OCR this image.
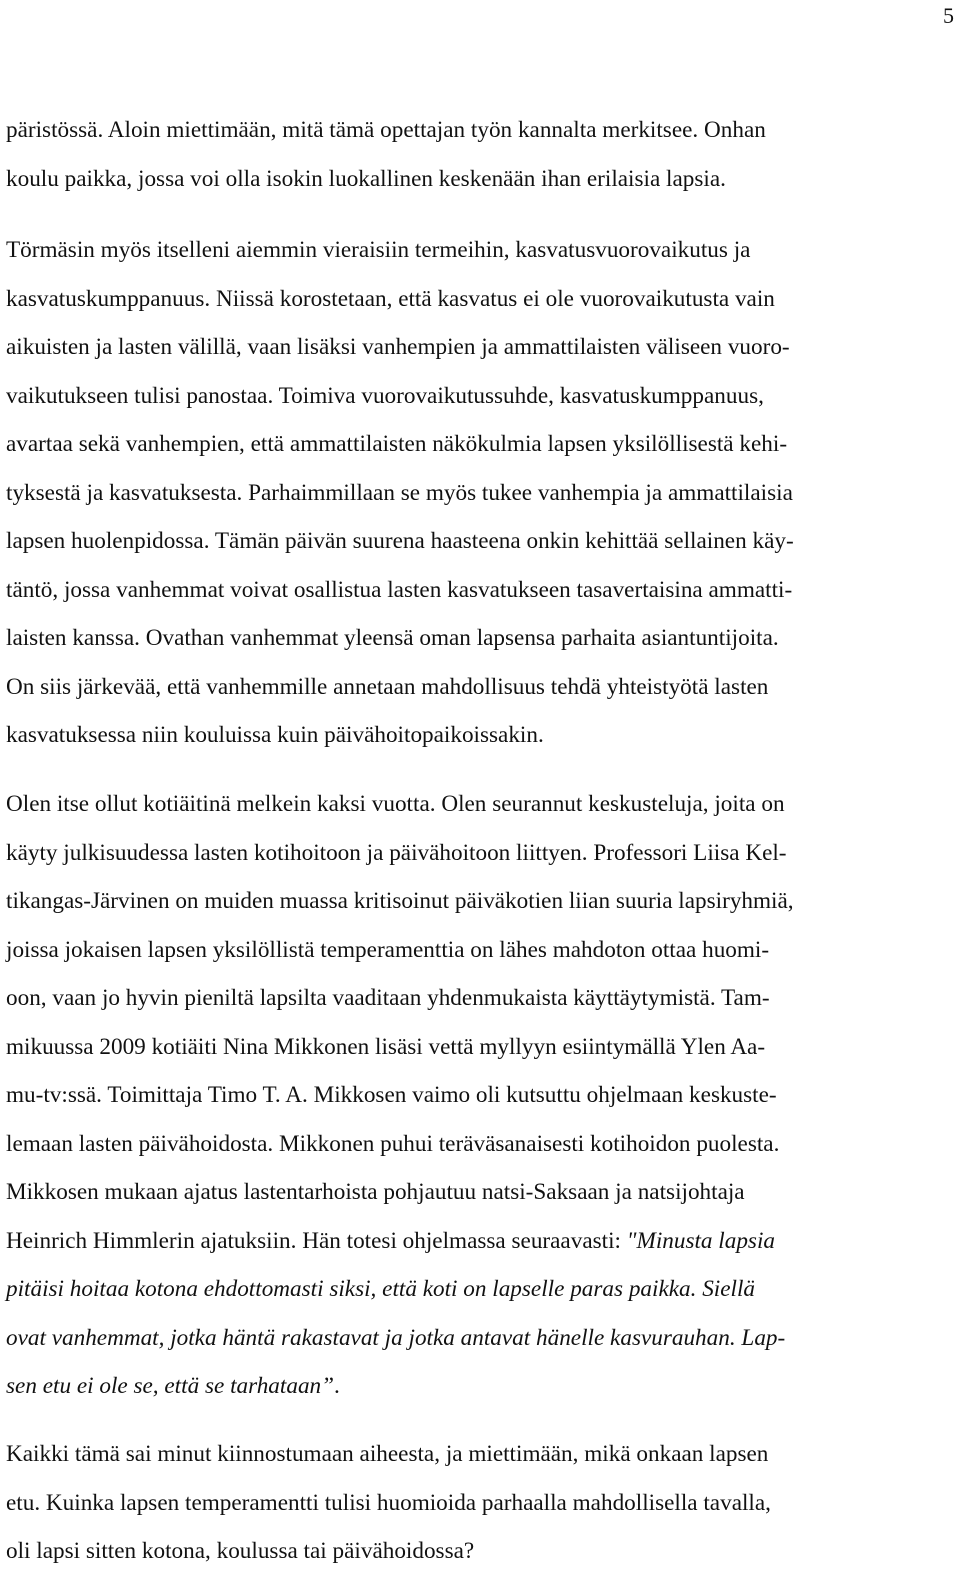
5
päristössä. Aloin miettimään, mitä tämä opettajan työn kannalta merkitsee. Onhan
koulu paikka, jossa voi olla isokin luokallinen keskenään ihan erilaisia lapsia.
Törmäsin myös itselleni aiemmin vieraisiin termeihin, kasvatusvuorovaikutus ja
kasvatuskumppanuus. Niissä korostetaan, että kasvatus ei ole vuorovaikutusta vain
aikuisten ja lasten välillä, vaan lisäksi vanhempien ja ammattilaisten väliseen vuoro-
vaikutukseen tulisi panostaa. Toimiva vuorovaikutussuhde, kasvatuskumppanuus,
avartaa sekä vanhempien, että ammattilaisten näkökulmia lapsen yksilöllisestä kehi-
tyksestä ja kasvatuksesta. Parhaimmillaan se myös tukee vanhempia ja ammattilaisia
lapsen huolenpidossa. Tämän päivän suurena haasteena onkin kehittää sellainen käy-
täntö, jossa vanhemmat voivat osallistua lasten kasvatukseen tasavertaisina ammatti-
laisten kanssa. Ovathan vanhemmat yleensä oman lapsensa parhaita asiantuntijoita.
On siis järkevää, että vanhemmille annetaan mahdollisuus tehdä yhteistyötä lasten
kasvatuksessa niin kouluissa kuin päivähoitopaikoissakin.
Olen itse ollut kotiäitinä melkein kaksi vuotta. Olen seurannut keskusteluja, joita on
käyty julkisuudessa lasten kotihoitoon ja päivähoitoon liittyen. Professori Liisa Kel-
tikangas-Järvinen on muiden muassa kritisoinut päiväkotien liian suuria lapsiryhmiä,
joissa jokaisen lapsen yksilöllistä temperamenttia on lähes mahdoton ottaa huomi-
oon, vaan jo hyvin pieniltä lapsilta vaaditaan yhdenmukaista käyttäytymistä. Tam-
mikuussa 2009 kotiäiti Nina Mikkonen lisäsi vettä myllyyn esiintymällä Ylen Aa-
mu-tv:ssä. Toimittaja Timo T. A. Mikkosen vaimo oli kutsuttu ohjelmaan keskuste-
lemaan lasten päivähoidosta. Mikkonen puhui teräväsanaisesti kotihoidon puolesta.
Mikkosen mukaan ajatus lastentarhoista pohjautuu natsi-Saksaan ja natsijohtaja
Heinrich Himmlerin ajatuksiin. Hän totesi ohjelmassa seuraavasti: "Minusta lapsia
pitäisi hoitaa kotona ehdottomasti siksi, että koti on lapselle paras paikka. Siellä
ovat vanhemmat, jotka häntä rakastavat ja jotka antavat hänelle kasvurauhan. Lap-
sen etu ei ole se, että se tarhataan”.
Kaikki tämä sai minut kiinnostumaan aiheesta, ja miettimään, mikä onkaan lapsen
etu. Kuinka lapsen temperamentti tulisi huomioida parhaalla mahdollisella tavalla,
oli lapsi sitten kotona, koulussa tai päivähoidossa?
